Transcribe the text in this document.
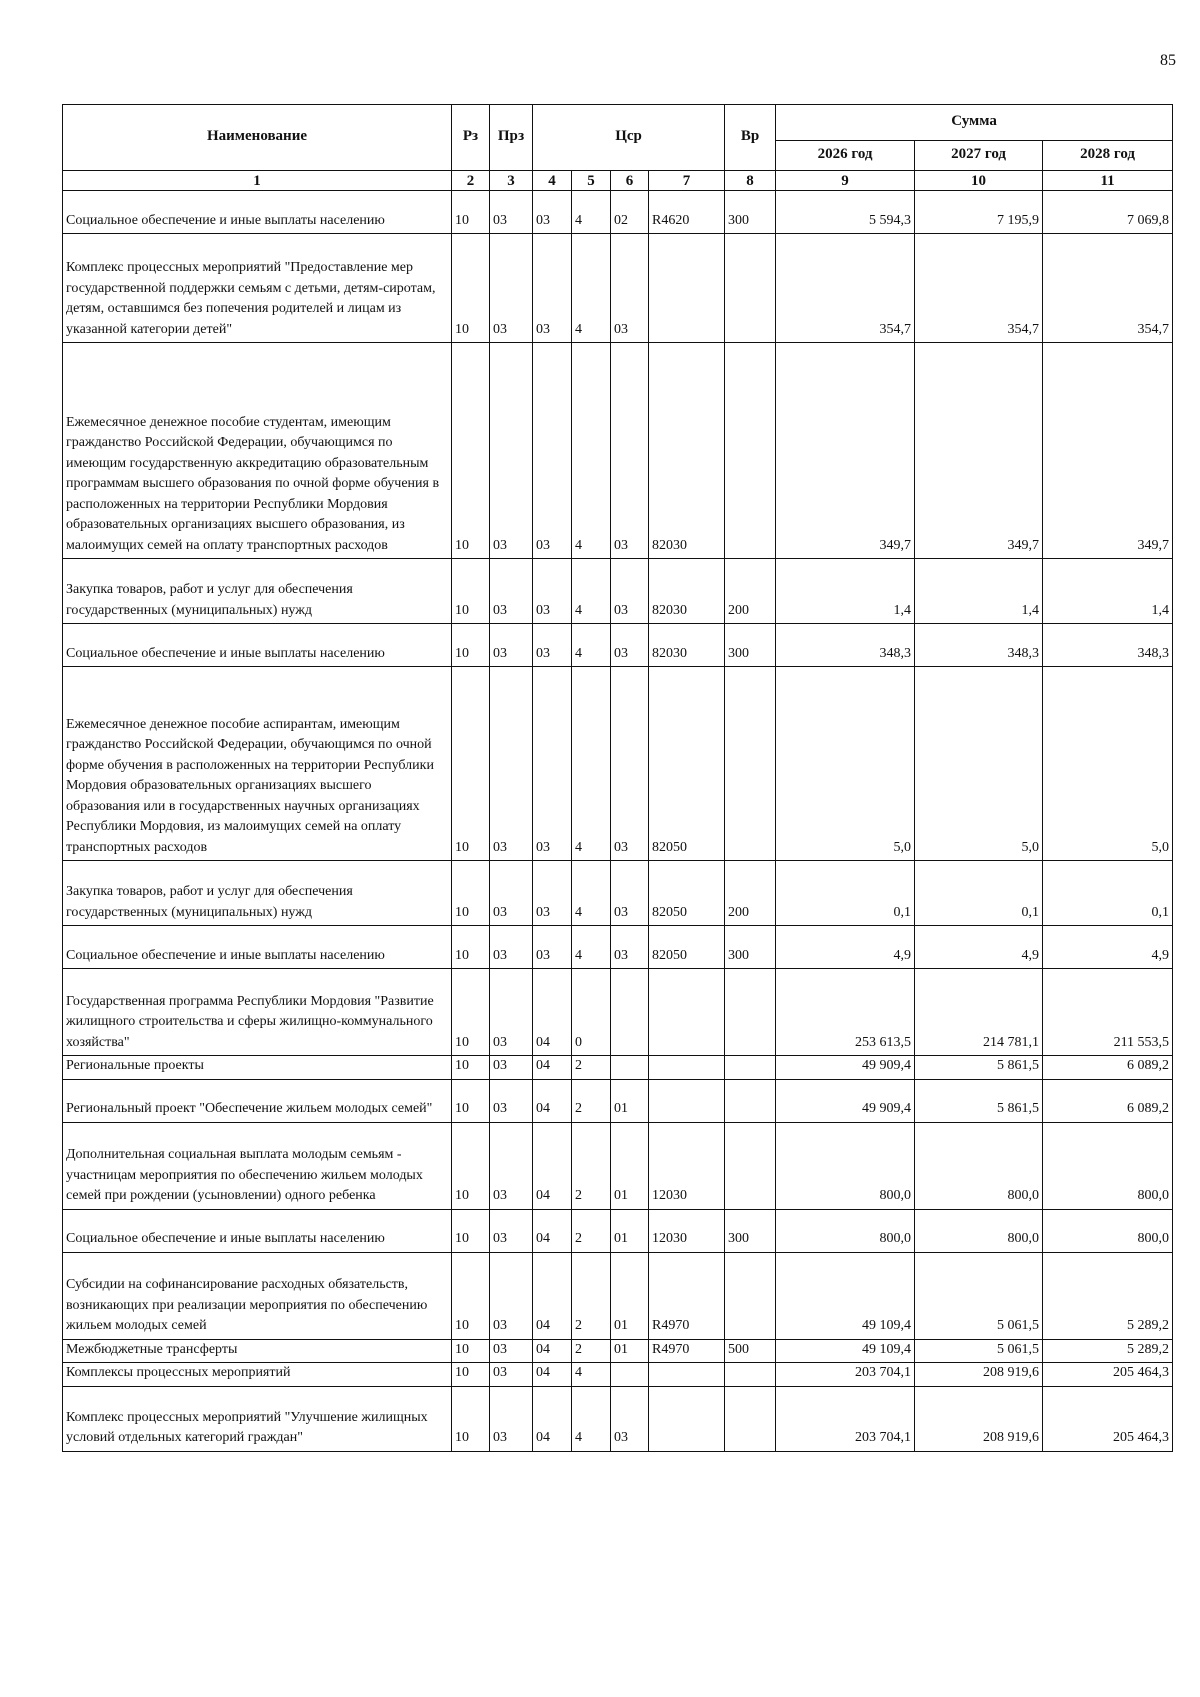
85
Наименование	Рз	Прз	Цср				Вр	Сумма		
								2026 год	2027 год	2028 год
1	2	3	4	5	6	7	8	9	10	11
Социальное обеспечение и иные выплаты населению	10	03	03	4	02	R4620	300	5 594,3	7 195,9	7 069,8
Комплекс процессных мероприятий "Предоставление мер государственной поддержки семьям с детьми, детям-сиротам, детям, оставшимся без попечения родителей и лицам из указанной категории детей"	10	03	03	4	03			354,7	354,7	354,7
Ежемесячное денежное пособие студентам, имеющим гражданство Российской Федерации, обучающимся по имеющим государственную аккредитацию образовательным программам высшего образования по очной форме обучения в расположенных на территории Республики Мордовия образовательных организациях высшего образования, из малоимущих семей на оплату транспортных расходов	10	03	03	4	03	82030		349,7	349,7	349,7
Закупка товаров, работ и услуг для обеспечения государственных (муниципальных) нужд	10	03	03	4	03	82030	200	1,4	1,4	1,4
Социальное обеспечение и иные выплаты населению	10	03	03	4	03	82030	300	348,3	348,3	348,3
Ежемесячное денежное пособие аспирантам, имеющим гражданство Российской Федерации, обучающимся по очной форме обучения в расположенных на территории Республики Мордовия образовательных организациях высшего образования или в государственных научных организациях Республики Мордовия, из малоимущих семей на оплату транспортных расходов	10	03	03	4	03	82050		5,0	5,0	5,0
Закупка товаров, работ и услуг для обеспечения государственных (муниципальных) нужд	10	03	03	4	03	82050	200	0,1	0,1	0,1
Социальное обеспечение и иные выплаты населению	10	03	03	4	03	82050	300	4,9	4,9	4,9
Государственная программа Республики Мордовия "Развитие жилищного строительства и сферы жилищно-коммунального хозяйства"	10	03	04	0				253 613,5	214 781,1	211 553,5
Региональные проекты	10	03	04	2				49 909,4	5 861,5	6 089,2
Региональный проект "Обеспечение жильем молодых семей"	10	03	04	2	01			49 909,4	5 861,5	6 089,2
Дополнительная социальная выплата молодым семьям - участницам мероприятия по обеспечению жильем молодых семей при рождении (усыновлении) одного ребенка	10	03	04	2	01	12030		800,0	800,0	800,0
Социальное обеспечение и иные выплаты населению	10	03	04	2	01	12030	300	800,0	800,0	800,0
Субсидии на софинансирование расходных обязательств, возникающих при реализации мероприятия по обеспечению жильем молодых семей	10	03	04	2	01	R4970		49 109,4	5 061,5	5 289,2
Межбюджетные трансферты	10	03	04	2	01	R4970	500	49 109,4	5 061,5	5 289,2
Комплексы процессных мероприятий	10	03	04	4				203 704,1	208 919,6	205 464,3
Комплекс процессных мероприятий "Улучшение жилищных условий отдельных категорий граждан"	10	03	04	4	03			203 704,1	208 919,6	205 464,3
